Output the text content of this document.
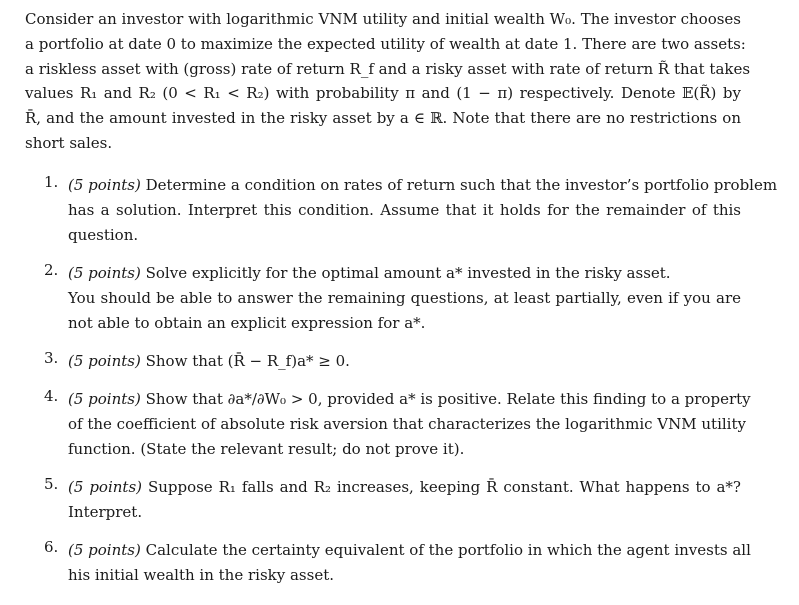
Consider an investor with logarithmic VNM utility and initial wealth W₀. The investor chooses
a portfolio at date 0 to maximize the expected utility of wealth at date 1. There are two assets:
a riskless asset with (gross) rate of return R_f and a risky asset with rate of return R̃ that takes
values R₁ and R₂ (0 < R₁ < R₂) with probability π and (1 − π) respectively. Denote 𝔼(R̃) by
R̄, and the amount invested in the risky asset by a ∈ ℝ. Note that there are no restrictions on
short sales.
1. (5 points) Determine a condition on rates of return such that the investor’s portfolio problem
has a solution. Interpret this condition. Assume that it holds for the remainder of this
question.
2. (5 points) Solve explicitly for the optimal amount a* invested in the risky asset.
You should be able to answer the remaining questions, at least partially, even if you are
not able to obtain an explicit expression for a*.
3. (5 points) Show that (R̄ − R_f)a* ≥ 0.
4. (5 points) Show that ∂a*/∂W₀ > 0, provided a* is positive. Relate this finding to a property
of the coefficient of absolute risk aversion that characterizes the logarithmic VNM utility
function. (State the relevant result; do not prove it).
5. (5 points) Suppose R₁ falls and R₂ increases, keeping R̄ constant. What happens to a*?
Interpret.
6. (5 points) Calculate the certainty equivalent of the portfolio in which the agent invests all
his initial wealth in the risky asset.
